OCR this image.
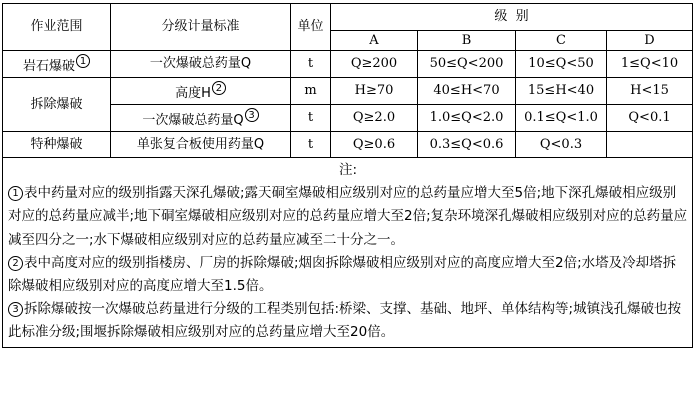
作业范围	分级计量标准	单位	级  别			
			A	B	C	D
岩石爆破 1	一次爆破总药量Q	t	Q≥200	50≤Q<200	10≤Q<50	1≤Q<10
拆除爆破	高度H 2	m	H≥70	40≤H<70	15≤H<40	H<15
	一次爆破总药量Q 3	t	Q≥2.0	1.0≤Q<2.0	0.1≤Q<1.0	Q<0.1
特种爆破	单张复合板使用药量Q	t	Q≥0.6	0.3≤Q<0.6	Q<0.3	

注:
1 表中药量对应的级别指露天深孔爆破;露天硐室爆破相应级别对应的总药量应增大至5倍;地下深孔爆破相应级别对应的总药量应减半;地下硐室爆破相应级别对应的总药量应增大至2倍;复杂环境深孔爆破相应级别对应的总药量应减至四分之一;水下爆破相应级别对应的总药量应减至二十分之一。
2 表中高度对应的级别指楼房、厂房的拆除爆破;烟囱拆除爆破相应级别对应的高度应增大至2倍;水塔及冷却塔拆除爆破相应级别对应的高度应增大至1.5倍。
3 拆除爆破按一次爆破总药量进行分级的工程类别包括:桥梁、支撑、基础、地坪、单体结构等;城镇浅孔爆破也按此标准分级;围堰拆除爆破相应级别对应的总药量应增大至20倍。						
